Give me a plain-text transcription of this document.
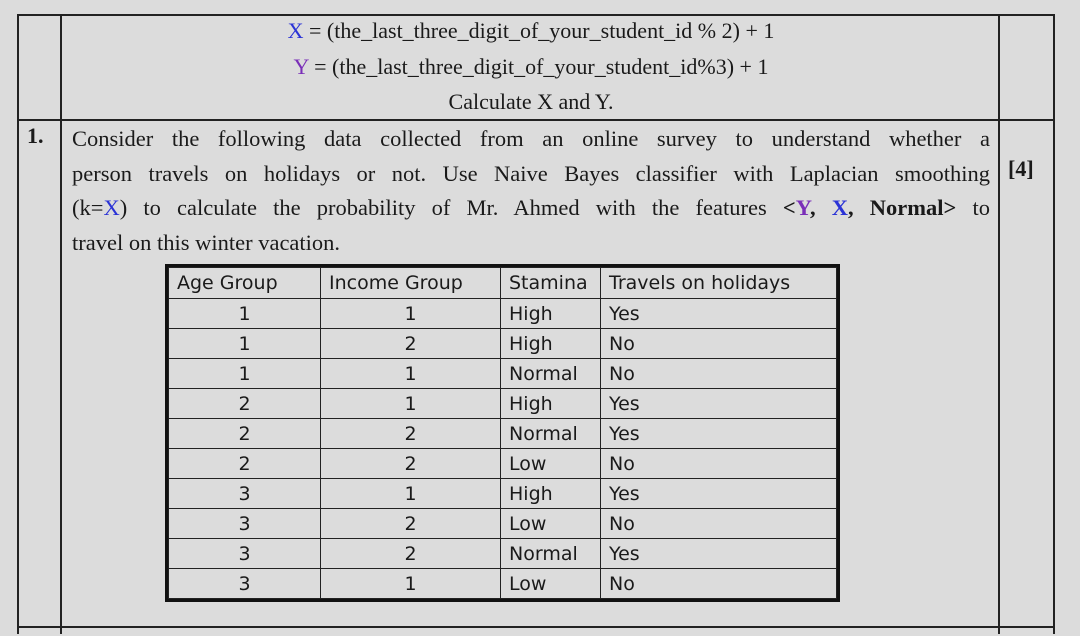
X = (the_last_three_digit_of_your_student_id % 2) + 1
Y = (the_last_three_digit_of_your_student_id%3) + 1
Calculate X and Y.
1.
[4]
Consider the following data collected from an online survey to understand whether a
person travels on holidays or not. Use Naive Bayes classifier with Laplacian smoothing
(k=X) to calculate the probability of Mr. Ahmed with the features <Y, X, Normal> to
travel on this winter vacation.
Age Group	Income Group	Stamina	Travels on holidays
1	1	High	Yes
1	2	High	No
1	1	Normal	No
2	1	High	Yes
2	2	Normal	Yes
2	2	Low	No
3	1	High	Yes
3	2	Low	No
3	2	Normal	Yes
3	1	Low	No
